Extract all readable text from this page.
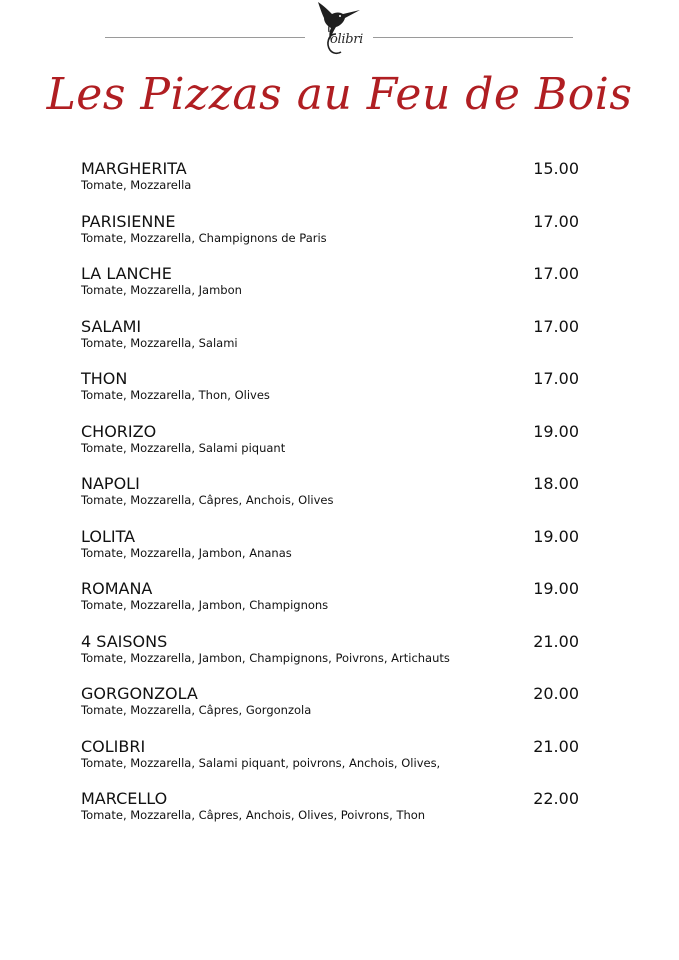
olibri
Les Pizzas au Feu de Bois
MARGHERITA
Tomate, Mozzarella
15.00
PARISIENNE
Tomate, Mozzarella, Champignons de Paris
17.00
LA LANCHE
Tomate, Mozzarella, Jambon
17.00
SALAMI
Tomate, Mozzarella, Salami
17.00
THON
Tomate, Mozzarella, Thon, Olives
17.00
CHORIZO
Tomate, Mozzarella, Salami piquant
19.00
NAPOLI
Tomate, Mozzarella, Câpres, Anchois, Olives
18.00
LOLITA
Tomate, Mozzarella, Jambon, Ananas
19.00
ROMANA
Tomate, Mozzarella, Jambon, Champignons
19.00
4 SAISONS
Tomate, Mozzarella, Jambon, Champignons, Poivrons, Artichauts
21.00
GORGONZOLA
Tomate, Mozzarella, Câpres, Gorgonzola
20.00
COLIBRI
Tomate, Mozzarella, Salami piquant, poivrons, Anchois, Olives,
21.00
MARCELLO
Tomate, Mozzarella, Câpres, Anchois, Olives, Poivrons, Thon
22.00
